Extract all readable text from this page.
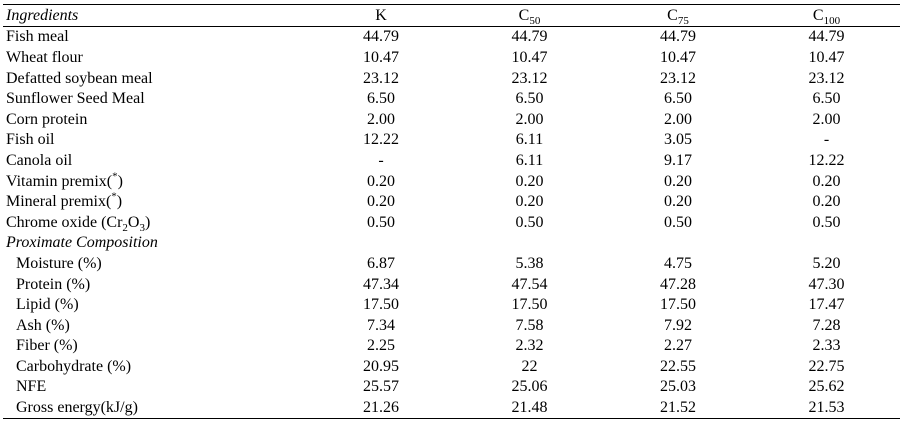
Ingredients	K	$C_{50}$	$C_{75}$	$C_{100}$
Fish meal	44.79	44.79	44.79	44.79
Wheat flour	10.47	10.47	10.47	10.47
Defatted soybean meal	23.12	23.12	23.12	23.12
Sunflower Seed Meal	6.50	6.50	6.50	6.50
Corn protein	2.00	2.00	2.00	2.00
Fish oil	12.22	6.11	3.05	-
Canola oil	-	6.11	9.17	12.22
Vitamin premix(*)	0.20	0.20	0.20	0.20
Mineral premix(*)	0.20	0.20	0.20	0.20
Chrome oxide $(Cr_2O_3)$	0.50	0.50	0.50	0.50
Proximate Composition				
Moisture (%)	6.87	5.38	4.75	5.20
Protein (%)	47.34	47.54	47.28	47.30
Lipid (%)	17.50	17.50	17.50	17.47
Ash (%)	7.34	7.58	7.92	7.28
Fiber (%)	2.25	2.32	2.27	2.33
Carbohydrate (%)	20.95	22	22.55	22.75
NFE	25.57	25.06	25.03	25.62
Gross energy(kJ/g)	21.26	21.48	21.52	21.53
